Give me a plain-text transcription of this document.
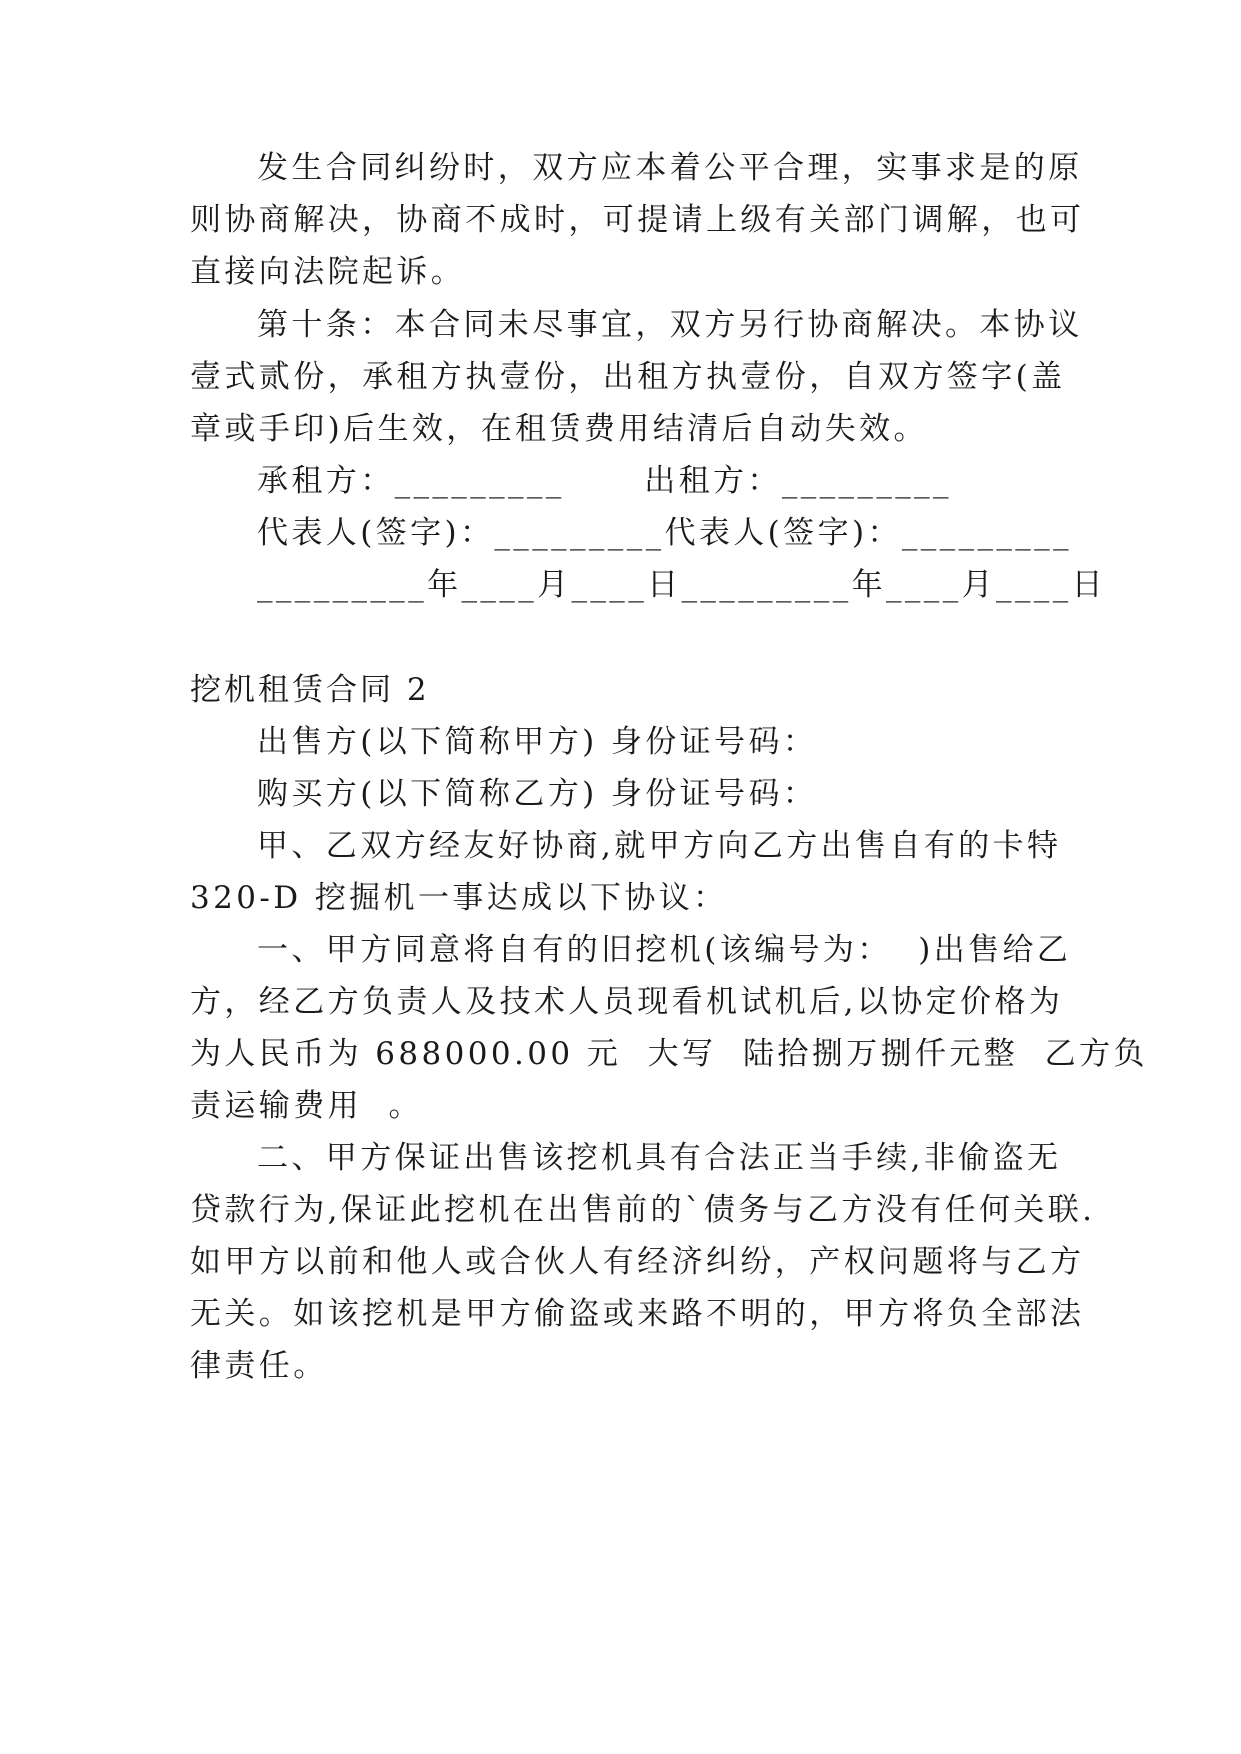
发生合同纠纷时，双方应本着公平合理，实事求是的原
则协商解决，协商不成时，可提请上级有关部门调解，也可
直接向法院起诉。
第十条：本合同未尽事宜，双方另行协商解决。本协议
壹式贰份，承租方执壹份，出租方执壹份，自双方签字(盖
章或手印)后生效，在租赁费用结清后自动失效。
承租方：_________      出租方：_________
代表人(签字)：_________代表人(签字)：_________
_________年____月____日_________年____月____日
挖机租赁合同 2
出售方(以下简称甲方) 身份证号码：
购买方(以下简称乙方) 身份证号码：
甲、乙双方经友好协商,就甲方向乙方出售自有的卡特
320-D 挖掘机一事达成以下协议：
一、甲方同意将自有的旧挖机(该编号为：  )出售给乙
方，经乙方负责人及技术人员现看机试机后,以协定价格为
为人民币为 688000.00 元  大写  陆拾捌万捌仟元整  乙方负
责运输费用  。
二、甲方保证出售该挖机具有合法正当手续,非偷盗无
贷款行为,保证此挖机在出售前的`债务与乙方没有任何关联.
如甲方以前和他人或合伙人有经济纠纷，产权问题将与乙方
无关。如该挖机是甲方偷盗或来路不明的，甲方将负全部法
律责任。
